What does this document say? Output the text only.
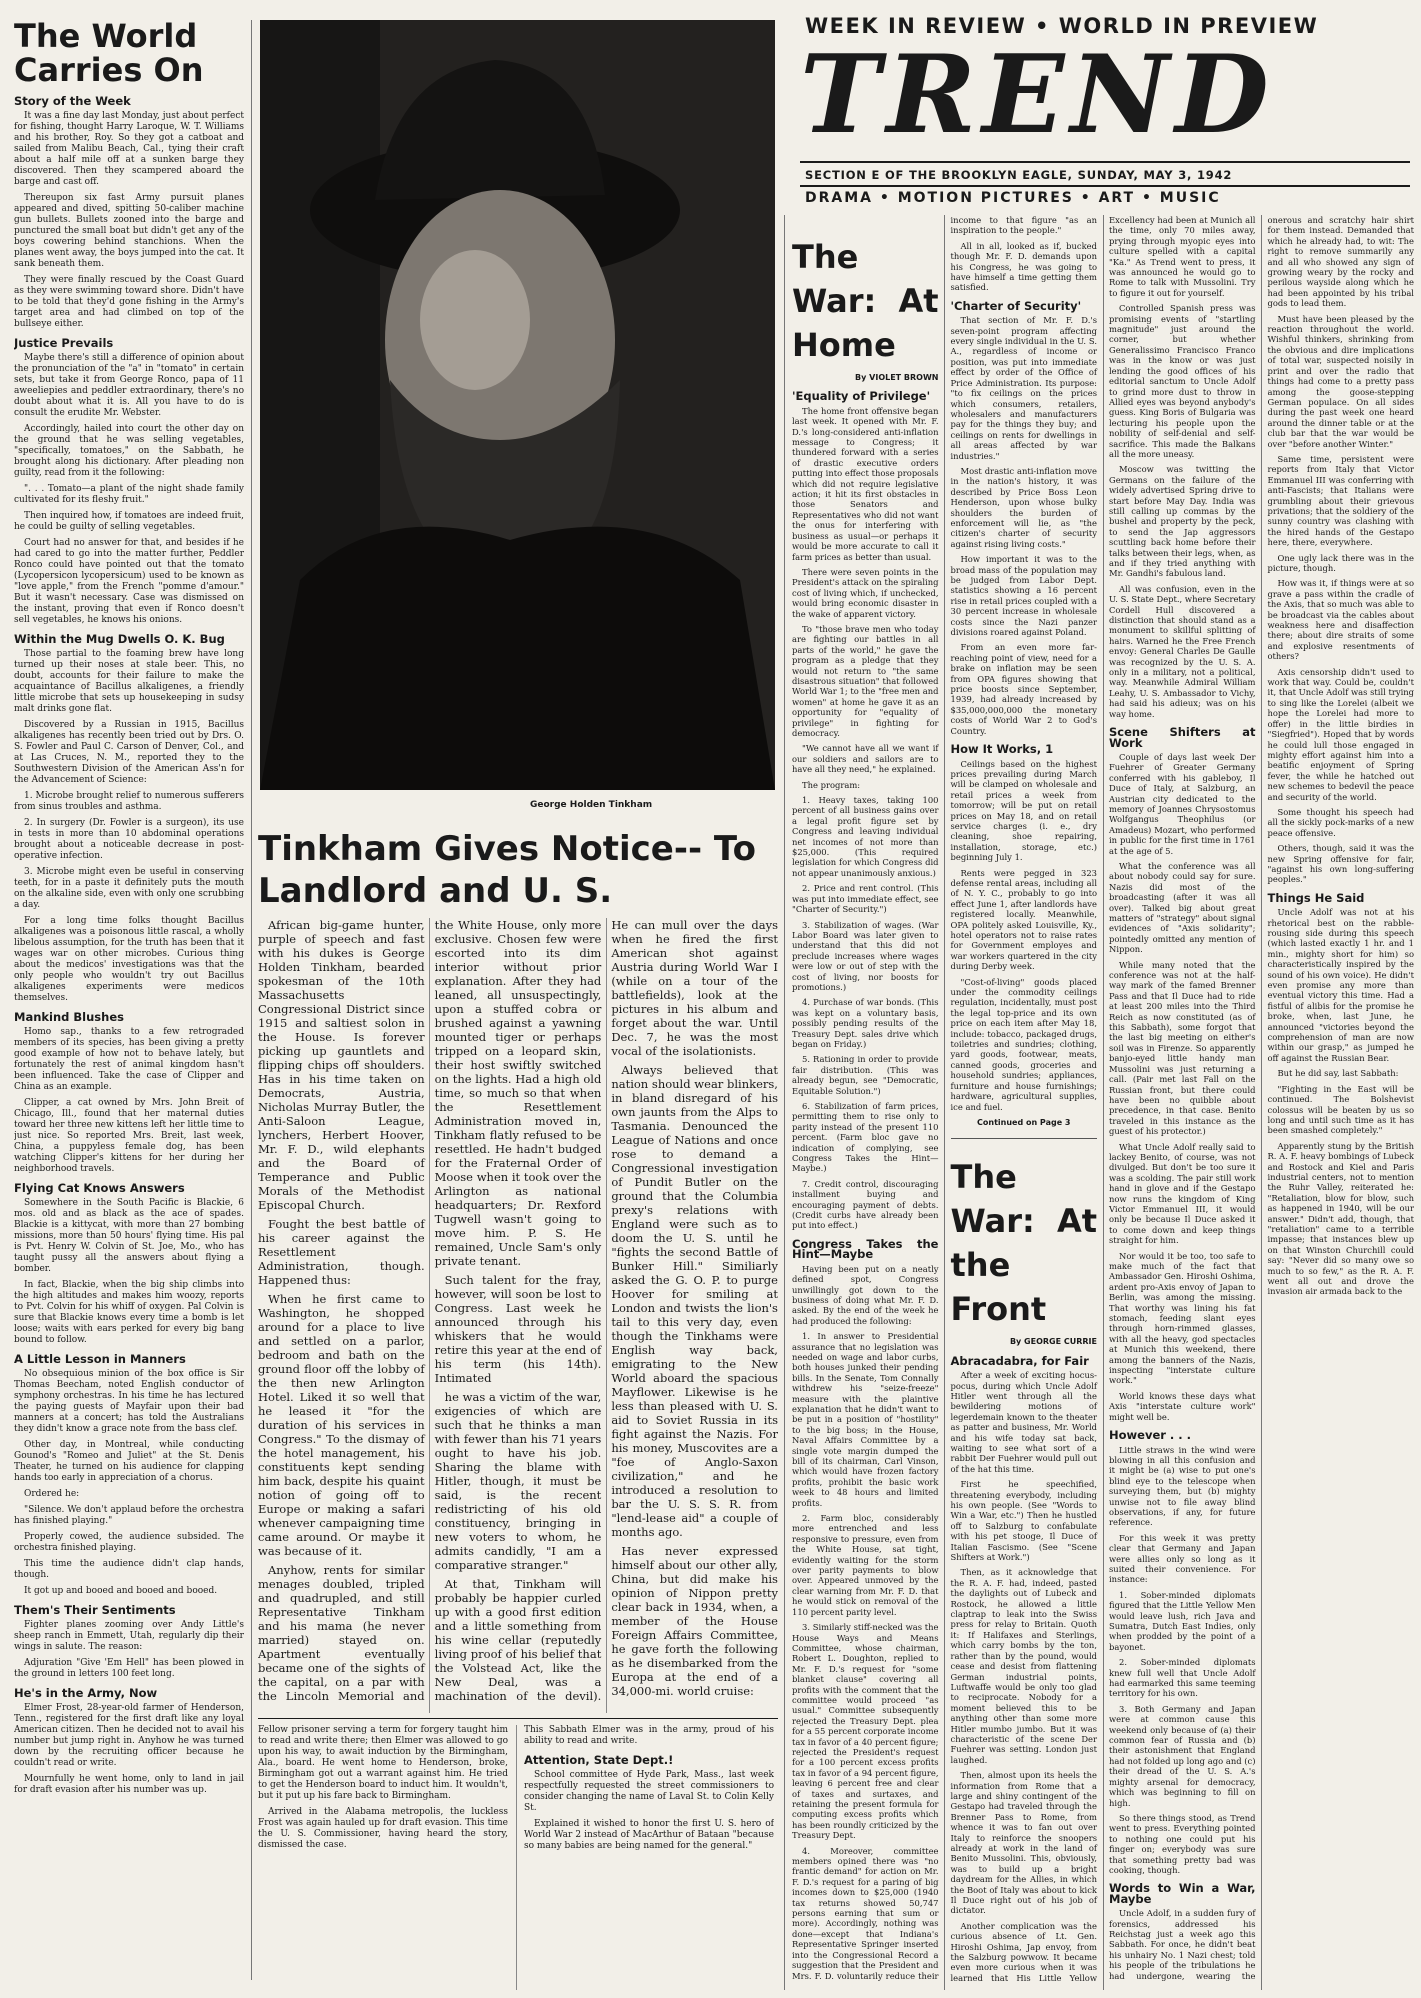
WEEK IN REVIEW • WORLD IN PREVIEW
TREND
SECTION E OF THE BROOKLYN EAGLE, SUNDAY, MAY 3, 1942
DRAMA • MOTION PICTURES • ART • MUSIC
The World Carries On
Story of the Week

It was a fine day last Monday, just about perfect for fishing, thought Harry Laroque, W. T. Williams and his brother, Roy. So they got a catboat and sailed from Malibu Beach, Cal., tying their craft about a half mile off at a sunken barge they discovered. Then they scampered aboard the barge and cast off.

Thereupon six fast Army pursuit planes appeared and dived, spitting 50-caliber machine gun bullets. Bullets zooned into the barge and punctured the small boat but didn't get any of the boys cowering behind stanchions. When the planes went away, the boys jumped into the cat. It sank beneath them.

They were finally rescued by the Coast Guard as they were swimming toward shore. Didn't have to be told that they'd gone fishing in the Army's target area and had climbed on top of the bullseye either.

Justice Prevails

Maybe there's still a difference of opinion about the pronunciation of the "a" in "tomato" in certain sets, but take it from George Ronco, papa of 11 aweeliepies and peddler extraordinary, there's no doubt about what it is. All you have to do is consult the erudite Mr. Webster.

Accordingly, hailed into court the other day on the ground that he was selling vegetables, "specifically, tomatoes," on the Sabbath, he brought along his dictionary. After pleading non guilty, read from it the following:

". . . Tomato—a plant of the night shade family cultivated for its fleshy fruit."

Then inquired how, if tomatoes are indeed fruit, he could be guilty of selling vegetables.

Court had no answer for that, and besides if he had cared to go into the matter further, Peddler Ronco could have pointed out that the tomato (Lycopersicon lycopersicum) used to be known as "love apple," from the French "pomme d'amour." But it wasn't necessary. Case was dismissed on the instant, proving that even if Ronco doesn't sell vegetables, he knows his onions.

Within the Mug Dwells O. K. Bug

Those partial to the foaming brew have long turned up their noses at stale beer. This, no doubt, accounts for their failure to make the acquaintance of Bacillus alkaligenes, a friendly little microbe that sets up housekeeping in sudsy malt drinks gone flat.

Discovered by a Russian in 1915, Bacillus alkaligenes has recently been tried out by Drs. O. S. Fowler and Paul C. Carson of Denver, Col., and at Las Cruces, N. M., reported they to the Southwestern Division of the American Ass'n for the Advancement of Science:

1. Microbe brought relief to numerous sufferers from sinus troubles and asthma.

2. In surgery (Dr. Fowler is a surgeon), its use in tests in more than 10 abdominal operations brought about a noticeable decrease in post-operative infection.

3. Microbe might even be useful in conserving teeth, for in a paste it definitely puts the mouth on the alkaline side, even with only one scrubbing a day.

For a long time folks thought Bacillus alkaligenes was a poisonous little rascal, a wholly libelous assumption, for the truth has been that it wages war on other microbes. Curious thing about the medicos' investigations was that the only people who wouldn't try out Bacillus alkaligenes experiments were medicos themselves.

Mankind Blushes

Homo sap., thanks to a few retrograded members of its species, has been giving a pretty good example of how not to behave lately, but fortunately the rest of animal kingdom hasn't been influenced. Take the case of Clipper and China as an example.

Clipper, a cat owned by Mrs. John Breit of Chicago, Ill., found that her maternal duties toward her three new kittens left her little time to just nice. So reported Mrs. Breit, last week, China, a puppyless female dog, has been watching Clipper's kittens for her during her neighborhood travels.

Flying Cat Knows Answers

Somewhere in the South Pacific is Blackie, 6 mos. old and as black as the ace of spades. Blackie is a kittycat, with more than 27 bombing missions, more than 50 hours' flying time. His pal is Pvt. Henry W. Colvin of St. Joe, Mo., who has taught pussy all the answers about flying a bomber.

In fact, Blackie, when the big ship climbs into the high altitudes and makes him woozy, reports to Pvt. Colvin for his whiff of oxygen. Pal Colvin is sure that Blackie knows every time a bomb is let loose; waits with ears perked for every big bang bound to follow.

A Little Lesson in Manners

No obsequious minion of the box office is Sir Thomas Beecham, noted English conductor of symphony orchestras. In his time he has lectured the paying guests of Mayfair upon their bad manners at a concert; has told the Australians they didn't know a grace note from the bass clef.

Other day, in Montreal, while conducting Gounod's "Romeo and Juliet" at the St. Denis Theater, he turned on his audience for clapping hands too early in appreciation of a chorus.

Ordered he:

"Silence. We don't applaud before the orchestra has finished playing."

Properly cowed, the audience subsided. The orchestra finished playing.

This time the audience didn't clap hands, though.

It got up and booed and booed and booed.

Them's Their Sentiments

Fighter planes zooming over Andy Little's sheep ranch in Emmett, Utah, regularly dip their wings in salute. The reason:

Adjuration "Give 'Em Hell" has been plowed in the ground in letters 100 feet long.

He's in the Army, Now

Elmer Frost, 28-year-old farmer of Henderson, Tenn., registered for the first draft like any loyal American citizen. Then he decided not to avail his number but jump right in. Anyhow he was turned down by the recruiting officer because he couldn't read or write.

Mournfully he went home, only to land in jail for draft evasion after his number was up.

George Holden Tinkham
Tinkham Gives Notice-- To Landlord and U. S.

African big-game hunter, purple of speech and fast with his dukes is George Holden Tinkham, bearded spokesman of the 10th Massachusetts Congressional District since 1915 and saltiest solon in the House. Is forever picking up gauntlets and flipping chips off shoulders. Has in his time taken on Democrats, Austria, Nicholas Murray Butler, the Anti-Saloon League, lynchers, Herbert Hoover, Mr. F. D., wild elephants and the Board of Temperance and Public Morals of the Methodist Episcopal Church.

Fought the best battle of his career against the Resettlement Administration, though. Happened thus:

When he first came to Washington, he shopped around for a place to live and settled on a parlor, bedroom and bath on the ground floor off the lobby of the then new Arlington Hotel. Liked it so well that he leased it "for the duration of his services in Congress." To the dismay of the hotel management, his constituents kept sending him back, despite his quaint notion of going off to Europe or making a safari whenever campaigning time came around. Or maybe it was because of it.

Anyhow, rents for similar menages doubled, tripled and quadrupled, and still Representative Tinkham and his mama (he never married) stayed on. Apartment eventually became one of the sights of the capital, on a par with the Lincoln Memorial and the White House, only more exclusive. Chosen few were escorted into its dim interior without prior explanation. After they had leaned, all unsuspectingly, upon a stuffed cobra or brushed against a yawning mounted tiger or perhaps tripped on a leopard skin, their host swiftly switched on the lights. Had a high old time, so much so that when the Resettlement Administration moved in, Tinkham flatly refused to be resettled. He hadn't budged for the Fraternal Order of Moose when it took over the Arlington as national headquarters; Dr. Rexford Tugwell wasn't going to move him. P. S. He remained, Uncle Sam's only private tenant.

Such talent for the fray, however, will soon be lost to Congress. Last week he announced through his whiskers that he would retire this year at the end of his term (his 14th). Intimated

he was a victim of the war, exigencies of which are such that he thinks a man with fewer than his 71 years ought to have his job. Sharing the blame with Hitler, though, it must be said, is the recent redistricting of his old constituency, bringing in new voters to whom, he admits candidly, "I am a comparative stranger."

At that, Tinkham will probably be happier curled up with a good first edition and a little something from his wine cellar (reputedly living proof of his belief that the Volstead Act, like the New Deal, was a machination of the devil). He can mull over the days when he fired the first American shot against Austria during World War I (while on a tour of the battlefields), look at the pictures in his album and forget about the war. Until Dec. 7, he was the most vocal of the isolationists.

Always believed that nation should wear blinkers, in bland disregard of his own jaunts from the Alps to Tasmania. Denounced the League of Nations and once rose to demand a Congressional investigation of Pundit Butler on the ground that the Columbia prexy's relations with England were such as to doom the U. S. until he "fights the second Battle of Bunker Hill." Similiarly asked the G. O. P. to purge Hoover for smiling at London and twists the lion's tail to this very day, even though the Tinkhams were English way back, emigrating to the New World aboard the spacious Mayflower. Likewise is he less than pleased with U. S. aid to Soviet Russia in its fight against the Nazis. For his money, Muscovites are a "foe of Anglo-Saxon civilization," and he introduced a resolution to bar the U. S. S. R. from "lend-lease aid" a couple of months ago.

Has never expressed himself about our other ally, China, but did make his opinion of Nippon pretty clear back in 1934, when, a member of the House Foreign Affairs Committee, he gave forth the following as he disembarked from the Europa at the end of a 34,000-mi. world cruise:

Fellow prisoner serving a term for forgery taught him to read and write there; then Elmer was allowed to go upon his way, to await induction by the Birmingham, Ala., board. He went home to Henderson, broke, Birmingham got out a warrant against him. He tried to get the Henderson board to induct him. It wouldn't, but it put up his fare back to Birmingham.

Arrived in the Alabama metropolis, the luckless Frost was again hauled up for draft evasion. This time the U. S. Commissioner, having heard the story, dismissed the case.

This Sabbath Elmer was in the army, proud of his ability to read and write.

Attention, State Dept.!

School committee of Hyde Park, Mass., last week respectfully requested the street commissioners to consider changing the name of Laval St. to Colin Kelly St.

Explained it wished to honor the first U. S. hero of World War 2 instead of MacArthur of Bataan "because so many babies are being named for the general."

The War: At Home
By VIOLET BROWN
'Equality of Privilege'

The home front offensive began last week. It opened with Mr. F. D.'s long-considered anti-inflation message to Congress; it thundered forward with a series of drastic executive orders putting into effect those proposals which did not require legislative action; it hit its first obstacles in those Senators and Representatives who did not want the onus for interfering with business as usual—or perhaps it would be more accurate to call it farm prices as better than usual.

There were seven points in the President's attack on the spiraling cost of living which, if unchecked, would bring economic disaster in the wake of apparent victory.

To "those brave men who today are fighting our battles in all parts of the world," he gave the program as a pledge that they would not return to "the same disastrous situation" that followed World War 1; to the "free men and women" at home he gave it as an opportunity for "equality of privilege" in fighting for democracy.

"We cannot have all we want if our soldiers and sailors are to have all they need," he explained.

The program:

1. Heavy taxes, taking 100 percent of all business gains over a legal profit figure set by Congress and leaving individual net incomes of not more than $25,000. (This required legislation for which Congress did not appear unanimously anxious.)

2. Price and rent control. (This was put into immediate effect, see "Charter of Security.")

3. Stabilization of wages. (War Labor Board was later given to understand that this did not preclude increases where wages were low or out of step with the cost of living, nor boosts for promotions.)

4. Purchase of war bonds. (This was kept on a voluntary basis, possibly pending results of the Treasury Dept. sales drive which began on Friday.)

5. Rationing in order to provide fair distribution. (This was already begun, see "Democratic, Equitable Solution.")

6. Stabilization of farm prices, permitting them to rise only to parity instead of the present 110 percent. (Farm bloc gave no indication of complying, see Congress Takes the Hint—Maybe.)

7. Credit control, discouraging installment buying and encouraging payment of debts. (Credit curbs have already been put into effect.)

Congress Takes the Hint—Maybe

Having been put on a neatly defined spot, Congress unwillingly got down to the business of doing what Mr. F. D. asked. By the end of the week he had produced the following:

1. In answer to Presidential assurance that no legislation was needed on wage and labor curbs, both houses junked their pending bills. In the Senate, Tom Connally withdrew his "seize-freeze" measure with the plaintive explanation that he didn't want to be put in a position of "hostility" to the big boss; in the House, Naval Affairs Committee by a single vote margin dumped the bill of its chairman, Carl Vinson, which would have frozen factory profits, prohibit the basic work week to 48 hours and limited profits.

2. Farm bloc, considerably more entrenched and less responsive to pressure, even from the White House, sat tight, evidently waiting for the storm over parity payments to blow over. Appeared unmoved by the clear warning from Mr. F. D. that he would stick on removal of the 110 percent parity level.

3. Similarly stiff-necked was the House Ways and Means Committee, whose chairman, Robert L. Doughton, replied to Mr. F. D.'s request for "some blanket clause" covering all profits with the comment that the committee would proceed "as usual." Committee subsequently rejected the Treasury Dept. plea for a 55 percent corporate income tax in favor of a 40 percent figure; rejected the President's request for a 100 percent excess profits tax in favor of a 94 percent figure, leaving 6 percent free and clear of taxes and surtaxes, and retaining the present formula for computing excess profits which has been roundly criticized by the Treasury Dept.

4. Moreover, committee members opined there was "no frantic demand" for action on Mr. F. D.'s request for a paring of big incomes down to $25,000 (1940 tax returns showed 50,747 persons earning that sum or more). Accordingly, nothing was done—except that Indiana's Representative Springer inserted into the Congressional Record a suggestion that the President and Mrs. F. D. voluntarily reduce their income to that figure "as an inspiration to the people."

All in all, looked as if, bucked though Mr. F. D. demands upon his Congress, he was going to have himself a time getting them satisfied.

'Charter of Security'

That section of Mr. F. D.'s seven-point program affecting every single individual in the U. S. A., regardless of income or position, was put into immediate effect by order of the Office of Price Administration. Its purpose: "to fix ceilings on the prices which consumers, retailers, wholesalers and manufacturers pay for the things they buy; and ceilings on rents for dwellings in all areas affected by war industries."

Most drastic anti-inflation move in the nation's history, it was described by Price Boss Leon Henderson, upon whose bulky shoulders the burden of enforcement will lie, as "the citizen's charter of security against rising living costs."

How important it was to the broad mass of the population may be judged from Labor Dept. statistics showing a 16 percent rise in retail prices coupled with a 30 percent increase in wholesale costs since the Nazi panzer divisions roared against Poland.

From an even more far-reaching point of view, need for a brake on inflation may be seen from OPA figures showing that price boosts since September, 1939, had already increased by $35,000,000,000 the monetary costs of World War 2 to God's Country.

How It Works, 1

Ceilings based on the highest prices prevailing during March will be clamped on wholesale and retail prices a week from tomorrow; will be put on retail prices on May 18, and on retail service charges (i. e., dry cleaning, shoe repairing, installation, storage, etc.) beginning July 1.

Rents were pegged in 323 defense rental areas, including all of N. Y. C., probably to go into effect June 1, after landlords have registered locally. Meanwhile, OPA politely asked Louisville, Ky., hotel operators not to raise rates for Government employes and war workers quartered in the city during Derby week.

"Cost-of-living" goods placed under the commodity ceilings regulation, incidentally, must post the legal top-price and its own price on each item after May 18, include: tobacco, packaged drugs, toiletries and sundries; clothing, yard goods, footwear, meats, canned goods, groceries and household sundries; appliances, furniture and house furnishings; hardware, agricultural supplies, ice and fuel.

Continued on Page 3
The War: At the Front
By GEORGE CURRIE
Abracadabra, for Fair

After a week of exciting hocus-pocus, during which Uncle Adolf Hitler went through all the bewildering motions of legerdemain known to the theater as patter and business, Mr. World and his wife today sat back, waiting to see what sort of a rabbit Der Fuehrer would pull out of the hat this time.

First he speechified, threatening everybody, including his own people. (See "Words to Win a War, etc.") Then he hustled off to Salzburg to confabulate with his pet stooge, Il Duce of Italian Fascismo. (See "Scene Shifters at Work.")

Then, as it acknowledge that the R. A. F. had, indeed, pasted the daylights out of Lubeck and Rostock, he allowed a little claptrap to leak into the Swiss press for relay to Britain. Quoth it: If Halifaxes and Sterlings, which carry bombs by the ton, rather than by the pound, would cease and desist from flattening German industrial points, Luftwaffe would be only too glad to reciprocate. Nobody for a moment believed this to be anything other than some more Hitler mumbo jumbo. But it was characteristic of the scene Der Fuehrer was setting. London just laughed.

Then, almost upon its heels the information from Rome that a large and shiny contingent of the Gestapo had traveled through the Brenner Pass to Rome, from whence it was to fan out over Italy to reinforce the snoopers already at work in the land of Benito Mussolini. This, obviously, was to build up a bright daydream for the Allies, in which the Boot of Italy was about to kick Il Duce right out of his job of dictator.

Another complication was the curious absence of Lt. Gen. Hiroshi Oshima, Jap envoy, from the Salzburg powwow. It became even more curious when it was learned that His Little Yellow Excellency had been at Munich all the time, only 70 miles away, prying through myopic eyes into culture spelled with a capital "Ka." As Trend went to press, it was announced he would go to Rome to talk with Mussolini. Try to figure it out for yourself.

Controlled Spanish press was promising events of "startling magnitude" just around the corner, but whether Generalissimo Francisco Franco was in the know or was just lending the good offices of his editorial sanctum to Uncle Adolf to grind more dust to throw in Allied eyes was beyond anybody's guess. King Boris of Bulgaria was lecturing his people upon the nobility of self-denial and self-sacrifice. This made the Balkans all the more uneasy.

Moscow was twitting the Germans on the failure of the widely advertised Spring drive to start before May Day. India was still calling up commas by the bushel and property by the peck, to send the Jap aggressors scuttling back home before their talks between their legs, when, as and if they tried anything with Mr. Gandhi's fabulous land.

All was confusion, even in the U. S. State Dept., where Secretary Cordell Hull discovered a distinction that should stand as a monument to skillful splitting of hairs. Warned he the Free French envoy: General Charles De Gaulle was recognized by the U. S. A. only in a military, not a political, way. Meanwhile Admiral William Leahy, U. S. Ambassador to Vichy, had said his adieux; was on his way home.

Scene Shifters at Work

Couple of days last week Der Fuehrer of Greater Germany conferred with his gableboy, Il Duce of Italy, at Salzburg, an Austrian city dedicated to the memory of Joannes Chrysostomus Wolfgangus Theophilus (or Amadeus) Mozart, who performed in public for the first time in 1761 at the age of 5.

What the conference was all about nobody could say for sure. Nazis did most of the broadcasting (after it was all over). Talked big about great matters of "strategy" about signal evidences of "Axis solidarity"; pointedly omitted any mention of Nippon.

While many noted that the conference was not at the half-way mark of the famed Brenner Pass and that Il Duce had to ride at least 200 miles into the Third Reich as now constituted (as of this Sabbath), some forgot that the last big meeting on either's soil was in Firenze. So apparently banjo-eyed little handy man Mussolini was just returning a call. (Pair met last Fall on the Russian front, but there could have been no quibble about precedence, in that case. Benito traveled in this instance as the guest of his protector.)

What Uncle Adolf really said to lackey Benito, of course, was not divulged. But don't be too sure it was a scolding. The pair still work hand in glove and if the Gestapo now runs the kingdom of King Victor Emmanuel III, it would only be because Il Duce asked it to come down and keep things straight for him.

Nor would it be too, too safe to make much of the fact that Ambassador Gen. Hiroshi Oshima, ardent pro-Axis envoy of Japan to Berlin, was among the missing. That worthy was lining his fat stomach, feeding slant eyes through horn-rimmed glasses, with all the heavy, god spectacles at Munich this weekend, there among the banners of the Nazis, inspecting "interstate culture work."

World knows these days what Axis "interstate culture work" might well be.

However . . .

Little straws in the wind were blowing in all this confusion and it might be (a) wise to put one's blind eye to the telescope when surveying them, but (b) mighty unwise not to file away blind observations, if any, for future reference.

For this week it was pretty clear that Germany and Japan were allies only so long as it suited their convenience. For instance:

1. Sober-minded diplomats figured that the Little Yellow Men would leave lush, rich Java and Sumatra, Dutch East Indies, only when prodded by the point of a bayonet.

2. Sober-minded diplomats knew full well that Uncle Adolf had earmarked this same teeming territory for his own.

3. Both Germany and Japan were at common cause this weekend only because of (a) their common fear of Russia and (b) their astonishment that England had not folded up long ago and (c) their dread of the U. S. A.'s mighty arsenal for democracy, which was beginning to fill on high.

So there things stood, as Trend went to press. Everything pointed to nothing one could put his finger on; everybody was sure that something pretty bad was cooking, though.

Words to Win a War, Maybe

Uncle Adolf, in a sudden fury of forensics, addressed his Reichstag just a week ago this Sabbath. For once, he didn't beat his unhairy No. 1 Nazi chest; told his people of the tribulations he had undergone, wearing the onerous and scratchy hair shirt for them instead. Demanded that which he already had, to wit: The right to remove summarily any and all who showed any sign of growing weary by the rocky and perilous wayside along which he had been appointed by his tribal gods to lead them.

Must have been pleased by the reaction throughout the world. Wishful thinkers, shrinking from the obvious and dire implications of total war, suspected noisily in print and over the radio that things had come to a pretty pass among the goose-stepping German populace. On all sides during the past week one heard around the dinner table or at the club bar that the war would be over "before another Winter."

Same time, persistent were reports from Italy that Victor Emmanuel III was conferring with anti-Fascists; that Italians were grumbling about their grievous privations; that the soldiery of the sunny country was clashing with the hired hands of the Gestapo here, there, everywhere.

One ugly lack there was in the picture, though.

How was it, if things were at so grave a pass within the cradle of the Axis, that so much was able to be broadcast via the cables about weakness here and disaffection there; about dire straits of some and explosive resentments of others?

Axis censorship didn't used to work that way. Could be, couldn't it, that Uncle Adolf was still trying to sing like the Lorelei (albeit we hope the Lorelei had more to offer) in the little birdies in "Siegfried"). Hoped that by words he could lull those engaged in mighty effort against him into a beatific enjoyment of Spring fever, the while he hatched out new schemes to bedevil the peace and security of the world.

Some thought his speech had all the sickly pock-marks of a new peace offensive.

Others, though, said it was the new Spring offensive for fair, "against his own long-suffering peoples."

Things He Said

Uncle Adolf was not at his rhetorical best on the rabble-rousing side during this speech (which lasted exactly 1 hr. and 1 min., mighty short for him) so characteristically inspired by the sound of his own voice). He didn't even promise any more than eventual victory this time. Had a fistful of alibis for the promise he broke, when, last June, he announced "victories beyond the comprehension of man are now within our grasp," as jumped he off against the Russian Bear.

But he did say, last Sabbath:

"Fighting in the East will be continued. The Bolshevist colossus will be beaten by us so long and until such time as it has been smashed completely."

Apparently stung by the British R. A. F. heavy bombings of Lubeck and Rostock and Kiel and Paris industrial centers, not to mention the Ruhr Valley, reiterated he: "Retaliation, blow for blow, such as happened in 1940, will be our answer." Didn't add, though, that "retaliation" came to a terrible impasse; that instances blew up on that Winston Churchill could say: "Never did so many owe so much to so few," as the R. A. F. went all out and drove the invasion air armada back to the
